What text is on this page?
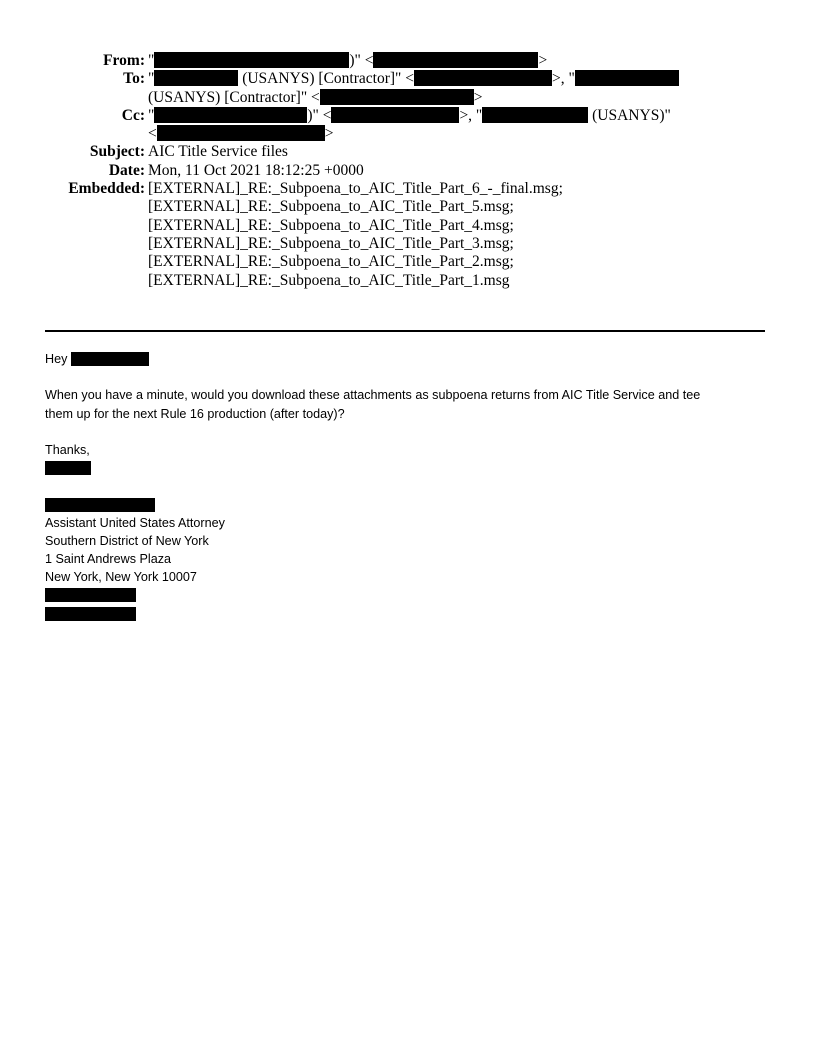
From: "	)" <	>
To: "	(USANYS) [Contractor]" <	>, "
(USANYS) [Contractor]" <	>
Cc: "	)" <	>, "	(USANYS)"
<	>
Subject: AIC Title Service files
Date: Mon, 11 Oct 2021 18:12:25 +0000
Embedded: [EXTERNAL]_RE:_Subpoena_to_AIC_Title_Part_6_-_final.msg;
[EXTERNAL]_RE:_Subpoena_to_AIC_Title_Part_5.msg;
[EXTERNAL]_RE:_Subpoena_to_AIC_Title_Part_4.msg;
[EXTERNAL]_RE:_Subpoena_to_AIC_Title_Part_3.msg;
[EXTERNAL]_RE:_Subpoena_to_AIC_Title_Part_2.msg;
[EXTERNAL]_RE:_Subpoena_to_AIC_Title_Part_1.msg
Hey
When you have a minute, would you download these attachments as subpoena returns from AIC Title Service and tee
them up for the next Rule 16 production (after today)?
Thanks,
Assistant United States Attorney
Southern District of New York
1 Saint Andrews Plaza
New York, New York 10007
